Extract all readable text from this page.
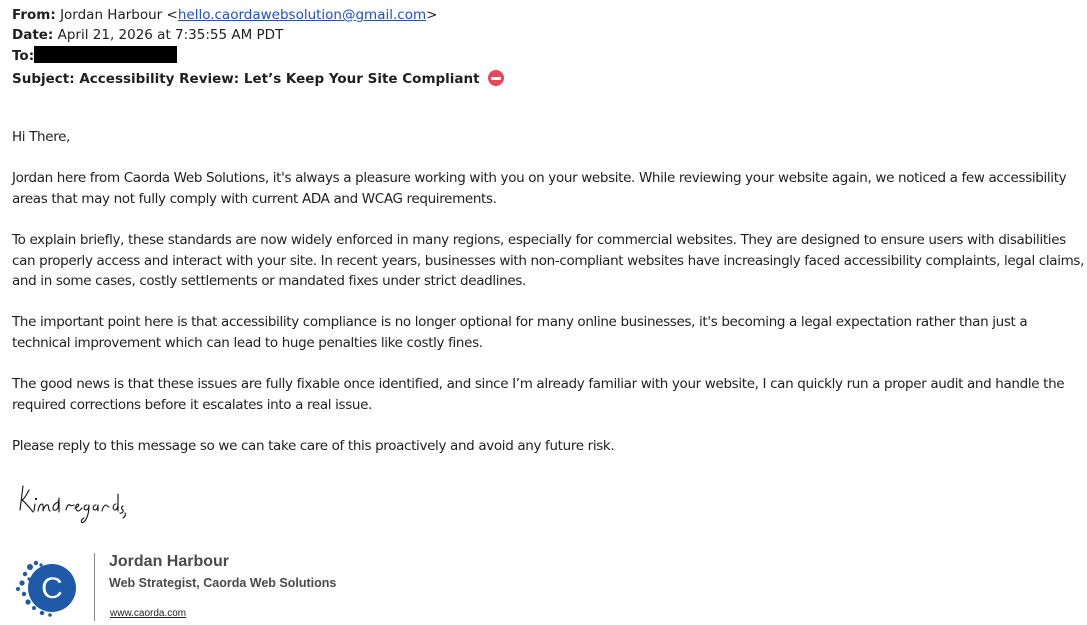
From: Jordan Harbour <hello.caordawebsolution@gmail.com>
Date: April 21, 2026 at 7:35:55 AM PDT
To:
Subject: Accessibility Review: Let’s Keep Your Site Compliant

Hi There,

Jordan here from Caorda Web Solutions, it's always a pleasure working with you on your website. While reviewing your website again, we noticed a few accessibility areas that may not fully comply with current ADA and WCAG requirements.

To explain briefly, these standards are now widely enforced in many regions, especially for commercial websites. They are designed to ensure users with disabilities can properly access and interact with your site. In recent years, businesses with non-compliant websites have increasingly faced accessibility complaints, legal claims, and in some cases, costly settlements or mandated fixes under strict deadlines.

The important point here is that accessibility compliance is no longer optional for many online businesses, it's becoming a legal expectation rather than just a technical improvement which can lead to huge penalties like costly fines.

The good news is that these issues are fully fixable once identified, and since I’m already familiar with your website, I can quickly run a proper audit and handle the required corrections before it escalates into a real issue.

Please reply to this message so we can take care of this proactively and avoid any future risk.

C
Jordan Harbour
Web Strategist, Caorda Web Solutions
www.caorda.com
